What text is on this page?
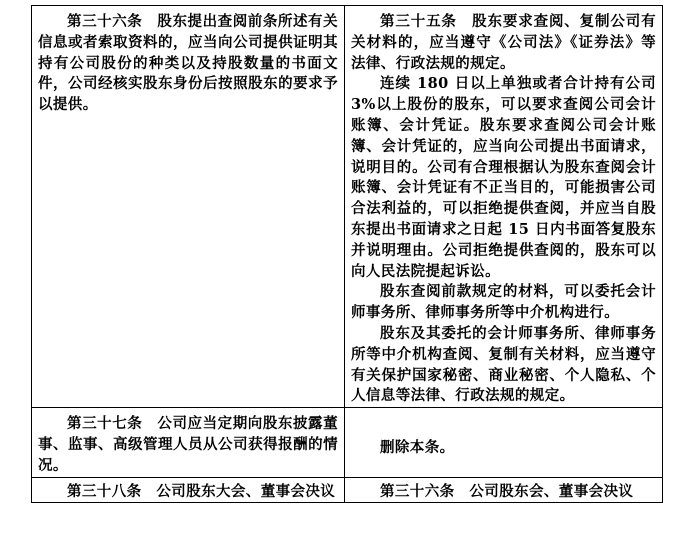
第三十六条　股东提出查阅前条所述有关信息或者索取资料的，应当向公司提供证明其持有公司股份的种类以及持股数量的书面文件，公司经核实股东身份后按照股东的要求予以提供。	第三十五条　股东要求查阅、复制公司有关材料的，应当遵守《公司法》《证券法》等法律、行政法规的规定。

连续 180 日以上单独或者合计持有公司 3%以上股份的股东，可以要求查阅公司会计账簿、会计凭证。股东要求查阅公司会计账簿、会计凭证的，应当向公司提出书面请求，说明目的。公司有合理根据认为股东查阅会计账簿、会计凭证有不正当目的，可能损害公司合法利益的，可以拒绝提供查阅，并应当自股东提出书面请求之日起 15 日内书面答复股东并说明理由。公司拒绝提供查阅的，股东可以向人民法院提起诉讼。

股东查阅前款规定的材料，可以委托会计师事务所、律师事务所等中介机构进行。

股东及其委托的会计师事务所、律师事务所等中介机构查阅、复制有关材料，应当遵守有关保护国家秘密、商业秘密、个人隐私、个人信息等法律、行政法规的规定。

第三十七条　公司应当定期向股东披露董事、监事、高级管理人员从公司获得报酬的情况。	删除本条。

第三十八条　公司股东大会、董事会决议	第三十六条　公司股东会、董事会决议
